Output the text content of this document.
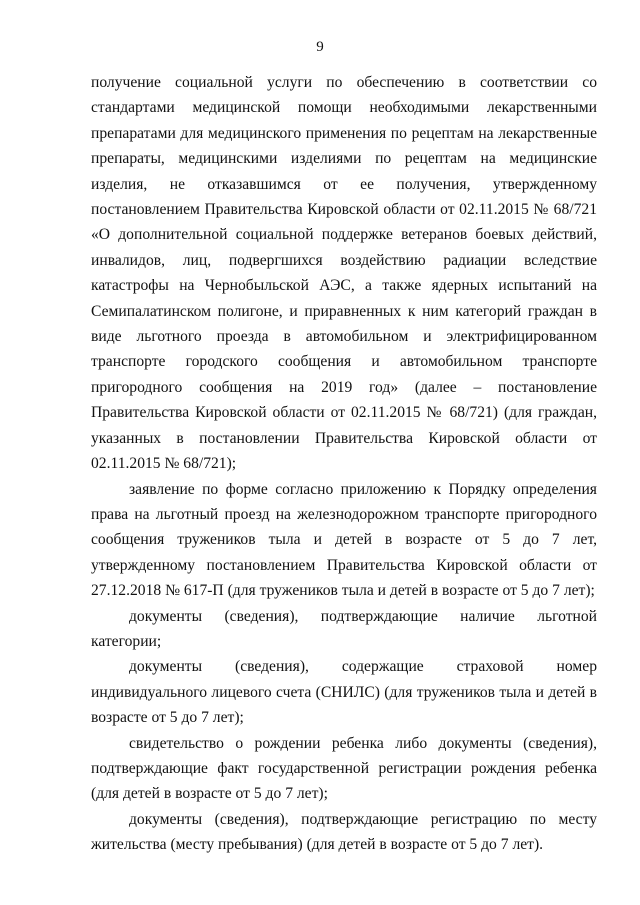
9

получение социальной услуги по обеспечению в соответствии со стандартами медицинской помощи необходимыми лекарственными препаратами для медицинского применения по рецептам на лекарственные препараты, медицинскими изделиями по рецептам на медицинские изделия, не отказавшимся от ее получения, утвержденному постановлением Правительства Кировской области от 02.11.2015 № 68/721 «О дополнительной социальной поддержке ветеранов боевых действий, инвалидов, лиц, подвергшихся воздействию радиации вследствие катастрофы на Чернобыльской АЭС, а также ядерных испытаний на Семипалатинском полигоне, и приравненных к ним категорий граждан в виде льготного проезда в автомобильном и электрифицированном транспорте городского сообщения и автомобильном транспорте пригородного сообщения на 2019 год» (далее – постановление Правительства Кировской области от 02.11.2015 № 68/721) (для граждан, указанных в постановлении Правительства Кировской области от 02.11.2015 № 68/721);

заявление по форме согласно приложению к Порядку определения права на льготный проезд на железнодорожном транспорте пригородного сообщения тружеников тыла и детей в возрасте от 5 до 7 лет, утвержденному постановлением Правительства Кировской области от 27.12.2018 № 617-П (для тружеников тыла и детей в возрасте от 5 до 7 лет);

документы (сведения), подтверждающие наличие льготной категории;

документы (сведения), содержащие страховой номер индивидуального лицевого счета (СНИЛС) (для тружеников тыла и детей в возрасте от 5 до 7 лет);

свидетельство о рождении ребенка либо документы (сведения), подтверждающие факт государственной регистрации рождения ребенка (для детей в возрасте от 5 до 7 лет);

документы (сведения), подтверждающие регистрацию по месту жительства (месту пребывания) (для детей в возрасте от 5 до 7 лет).
